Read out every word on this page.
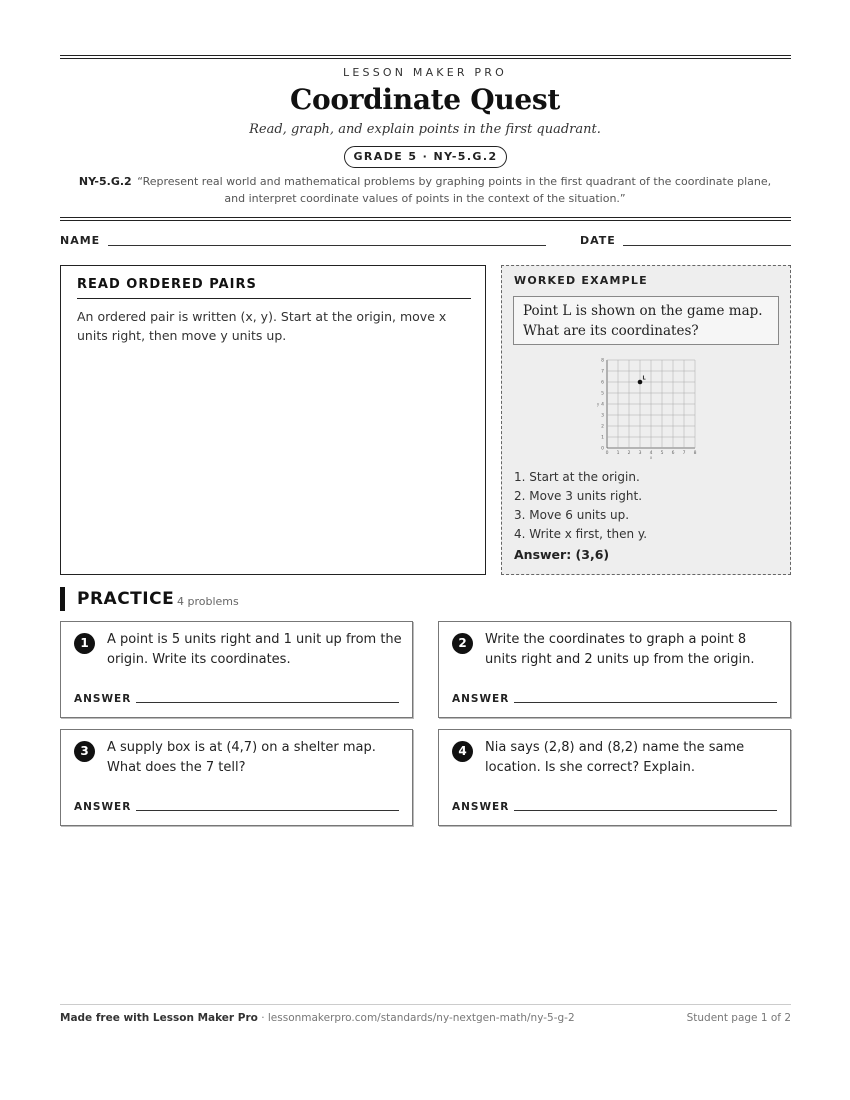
LESSON MAKER PRO
Coordinate Quest
Read, graph, and explain points in the first quadrant.
GRADE 5 · NY-5.G.2
NY-5.G.2 “Represent real world and mathematical problems by graphing points in the first quadrant of the coordinate plane, and interpret coordinate values of points in the context of the situation.”
NAME	DATE
READ ORDERED PAIRS
An ordered pair is written (x, y). Start at the origin, move x units right, then move y units up.
WORKED EXAMPLE
Point L is shown on the game map. What are its coordinates?
0 1 2 3 4 5 6 7 8
0
1
2
3
4
5
6
7
8
x
y
L
1. Start at the origin.
2. Move 3 units right.
3. Move 6 units up.
4. Write x first, then y.
Answer: (3,6)
PRACTICE 4 problems
1	A point is 5 units right and 1 unit up from the origin. Write its coordinates.
ANSWER
2	Write the coordinates to graph a point 8 units right and 2 units up from the origin.
ANSWER
3	A supply box is at (4,7) on a shelter map. What does the 7 tell?
ANSWER
4	Nia says (2,8) and (8,2) name the same location. Is she correct? Explain.
ANSWER
Made free with Lesson Maker Pro · lessonmakerpro.com/standards/ny-nextgen-math/ny-5-g-2	Student page 1 of 2
